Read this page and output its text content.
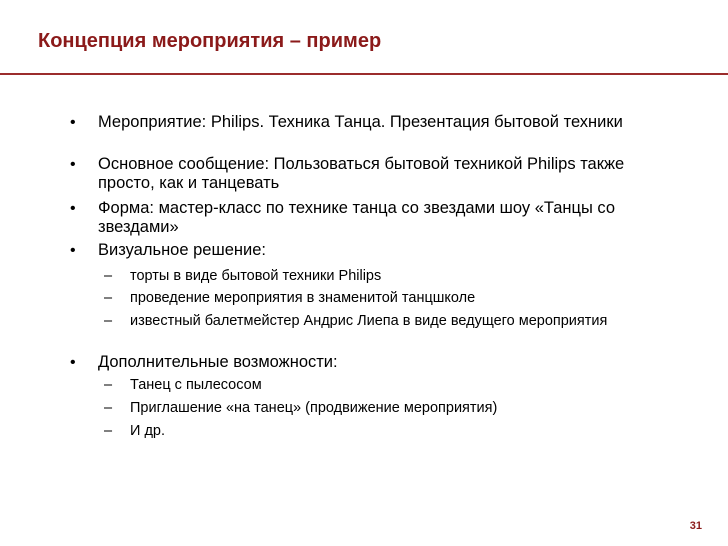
Концепция мероприятия – пример
• Мероприятие: Philips. Техника Танца. Презентация бытовой техники
• Основное сообщение: Пользоваться бытовой техникой Philips также просто, как и танцевать
• Форма: мастер-класс по технике танца со звездами шоу «Танцы со звездами»
• Визуальное решение:
– торты в виде бытовой техники Philips
– проведение мероприятия в знаменитой танцшколе
– известный балетмейстер Андрис Лиепа в виде ведущего мероприятия
• Дополнительные возможности:
– Танец с пылесосом
– Приглашение «на танец» (продвижение мероприятия)
– И др.
31
